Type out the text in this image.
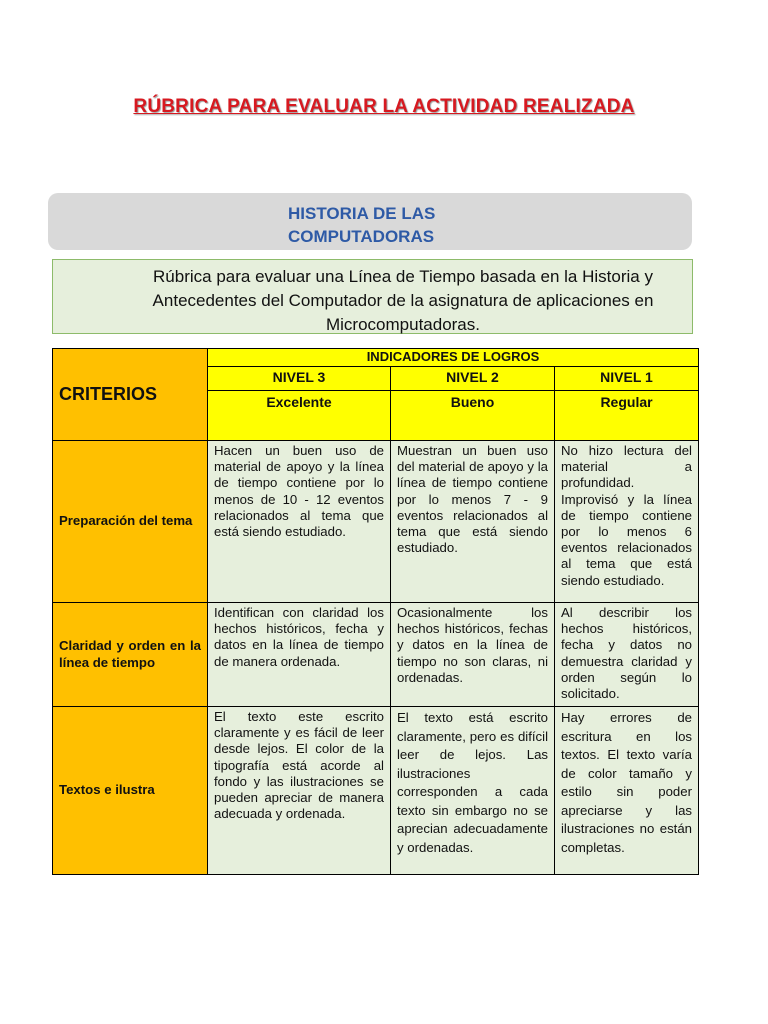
RÚBRICA PARA EVALUAR LA ACTIVIDAD REALIZADA
HISTORIA DE LAS COMPUTADORAS
Rúbrica para evaluar una Línea de Tiempo basada en la Historia y Antecedentes del Computador de la asignatura de aplicaciones en Microcomputadoras.
CRITERIOS	INDICADORES DE LOGROS		
	NIVEL 3	NIVEL 2	NIVEL 1
	Excelente	Bueno	Regular
Preparación del tema	Hacen un buen uso de material de apoyo y la línea de tiempo contiene por lo menos de 10 - 12 eventos relacionados al tema que está siendo estudiado.	Muestran un buen uso del material de apoyo y la línea de tiempo contiene por lo menos 7 - 9 eventos relacionados al tema que está siendo estudiado.	No hizo lectura del material a profundidad. Improvisó y la línea de tiempo contiene por lo menos 6 eventos relacionados al tema que está siendo estudiado.
Claridad y orden en la línea de tiempo	Identifican con claridad los hechos históricos, fecha y datos en la línea de tiempo de manera ordenada.	Ocasionalmente los hechos históricos, fechas y datos en la línea de tiempo no son claras, ni ordenadas.	Al describir los hechos históricos, fecha y datos no demuestra claridad y orden según lo solicitado.
Textos e ilustra	El texto este escrito claramente y es fácil de leer desde lejos. El color de la tipografía está acorde al fondo y las ilustraciones se pueden apreciar de manera adecuada y ordenada.	El texto está escrito claramente, pero es difícil leer de lejos. Las ilustraciones corresponden a cada texto sin embargo no se aprecian adecuadamente y ordenadas.	Hay errores de escritura en los textos. El texto varía de color tamaño y estilo sin poder apreciarse y las ilustraciones no están completas.
